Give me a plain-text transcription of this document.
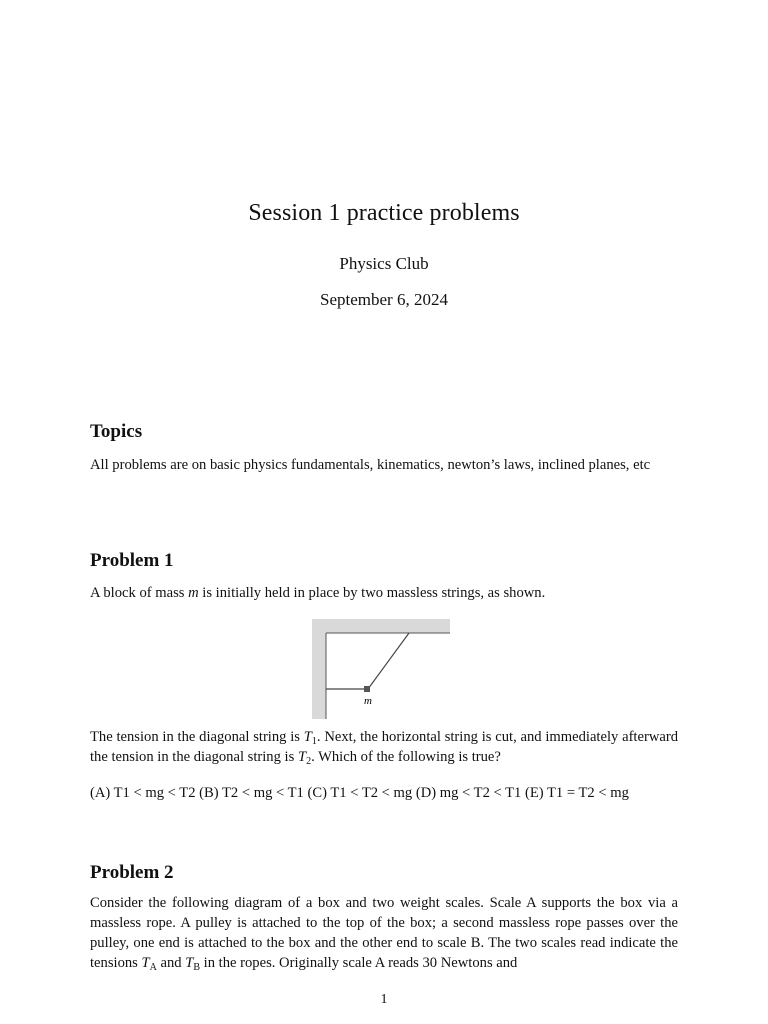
Session 1 practice problems
Physics Club
September 6, 2024
Topics
All problems are on basic physics fundamentals, kinematics, newton’s laws, inclined planes, etc
Problem 1
A block of mass m is initially held in place by two massless strings, as shown.
m
The tension in the diagonal string is $T_1$. Next, the horizontal string is cut, and immediately afterward the tension in the diagonal string is $T_2$. Which of the following is true?
(A) T1 < mg < T2 (B) T2 < mg < T1 (C) T1 < T2 < mg (D) mg < T2 < T1 (E) T1 = T2 < mg
Problem 2
Consider the following diagram of a box and two weight scales. Scale A supports the box via a massless rope. A pulley is attached to the top of the box; a second massless rope passes over the pulley, one end is attached to the box and the other end to scale B. The two scales read indicate the tensions $T_A$ and $T_B$ in the ropes. Originally scale A reads 30 Newtons and
1
